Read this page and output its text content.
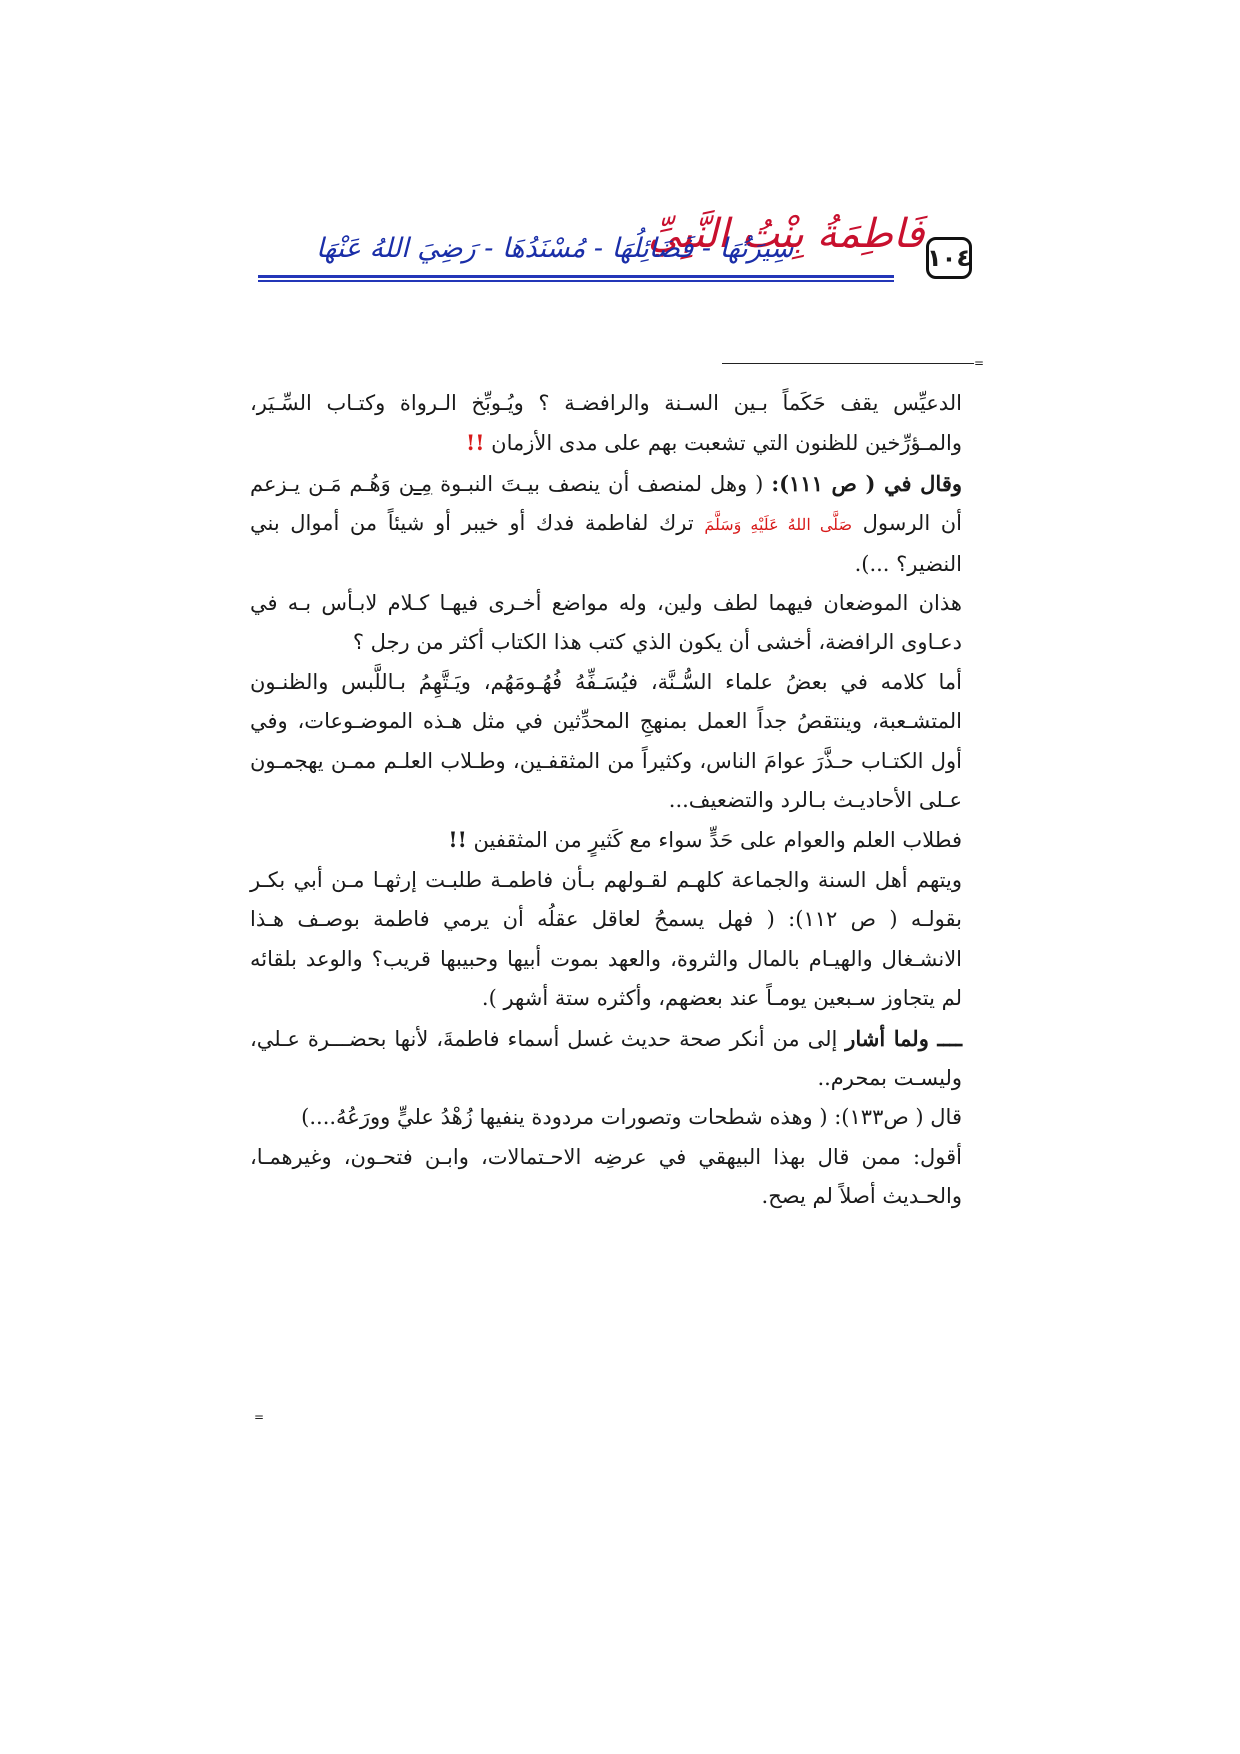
١٠٤
فَاطِمَةُ بِنْتُ النَّبِيِّ
سِيرَتُهَا - فَضَائِلُهَا - مُسْنَدُهَا - رَضِيَ اللهُ عَنْهَا
=

الدعيِّس يقف حَكَماً بـين السـنة والرافضـة ؟ ويُـوبِّخ الـرواة وكتـاب السِّـيَر، والمـؤرِّخين للظنون التي تشعبت بهم على مدى الأزمان !!

وقال في ( ص ١١١): ( وهل لمنصف أن ينصف بيـتَ النبـوة مِـن وَهُـم مَـن يـزعم أن الرسول صَلَّى اللهُ عَلَيْهِ وَسَلَّمَ ترك لفاطمة فدك أو خيبر أو شيئاً من أموال بني النضير؟ ...).

هذان الموضعان فيهما لطف ولين، وله مواضع أخـرى فيهـا كـلام لابـأس بـه في دعـاوى الرافضة، أخشى أن يكون الذي كتب هذا الكتاب أكثر من رجل ؟

أما كلامه في بعضُ علماء السُّـنَّة، فيُسَـفِّهُ فُهُـومَهُم، ويَـتَّهِمُ بـاللَّبس والظنـون المتشـعبة، وينتقصُ جداً العمل بمنهجِ المحدِّثين في مثل هـذه الموضـوعات، وفي أول الكتـاب حـذَّرَ عوامَ الناس، وكثيراً من المثقفـين، وطـلاب العلـم ممـن يهجمـون عـلى الأحاديـث بـالرد والتضعيف...

فطلاب العلم والعوام على حَدٍّ سواء مع كَثيرٍ من المثقفين !!

ويتهم أهل السنة والجماعة كلهـم لقـولهم بـأن فاطمـة طلبـت إرثهـا مـن أبي بكـر بقولـه ( ص ١١٢): ( فهل يسمحُ لعاقل عقلُه أن يرمي فاطمة بوصـف هـذا الانشـغال والهيـام بالمال والثروة، والعهد بموت أبيها وحبيبها قريب؟ والوعد بلقائه لم يتجاوز سـبعين يومـاً عند بعضهم، وأكثره ستة أشهر ).

ــــ ولما أشار إلى من أنكر صحة حديث غسل أسماء فاطمةَ، لأنها بحضـــرة عـلي، وليسـت بمحرم..

قال ( ص١٣٣): ( وهذه شطحات وتصورات مردودة ينفيها زُهْدُ عليٍّ وورَعُهُ....)

أقول: ممن قال بهذا البيهقي في عرضِه الاحـتمالات، وابـن فتحـون، وغيرهمـا، والحـديث أصلاً لم يصح.

=
